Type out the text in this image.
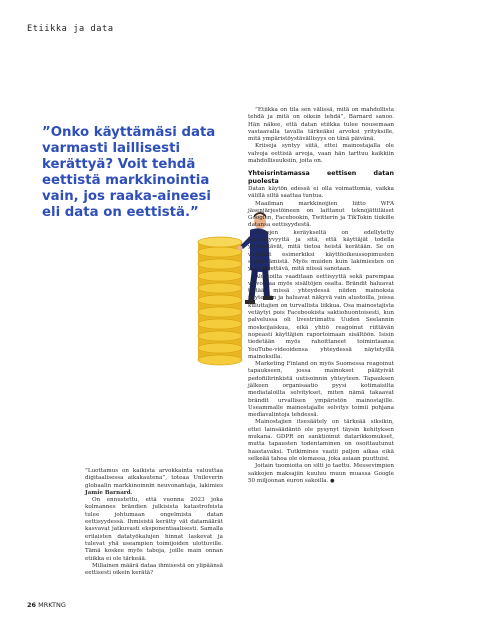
Etiikka ja data
”Onko käyttämäsi data varmasti laillisesti kerättyä? Voit tehdä eettistä markkinointia vain, jos raaka-aineesi eli data on eettistä.”

”Luottamus on kaikista arvokkainta valuuttaa digitaalisessa aikakautena”, toteaa Unileverin globaalin markkinoinnin neuvonantaja, lakimies Jamie Barnard.

On ennustettu, että vuonna 2023 joka kolmannes brändien julkisista katastrofeista tulee johtumaan ongelmista datan eettisyydessä. Ihmisistä kerätty vät datamäärät kasvavat jatkuvasti eksponentiaalisesti. Samalla erilaisten datatyökalujen hinnat laskevat ja tulevat yhä useampien toimijoiden ulottuville. Tämä koskee myös taboja, joille main onnan etiikka ei ole tärkeää.

Millainen määrä dataa ihmisestä on ylipäänsä eettisesti oikein kerätä?

”Etiikka on tila sen välissä, mitä on mahdollista tehdä ja mitä on oikein tehdä”, Barnard sanoo. Hän näkee, että datan etiikka tulee nousemaan vastaavalla tavalla tärkeäksi arvoksi yrityksille, mitä ympäristöystävällisyys on tänä päivänä.

Kriiseja syntyy siitä, ettei mainostajalla ole valvoja eettisiä arvoja, vaan hän tarttuu kaikkiin mahdollisuuksiin, joita on.

Yhteisrintamassa eettisen datan puolesta

Datan käytön edessä ei olla voimattomia, vaikka välillä siltä saattaa tuntua.

Maailman markkinoijien liitto WFA jäsenjärjestöineen on laittanut teknojättiläiset Googlen, Facebookin, Twitterin ja TikTokin tiukille datansa eettisyydestä.

Tietojen keräykseltä on edellytetty läpinäkyvyyttä ja sitä, että käyttäjät todella ymmärtävät, mitä tietoa heistä kerätään. Se on vaatinut esimerkiksi käyttöoikeussopimusten selkiyttämistä. Myös muiden kuin lakimiesten on ymmärrettävä, mitä niissä sanotaan.

Alustoilta vaaditaan eettisyyttä sekä parempaa valvontaa myös sisältöjen osalta. Brändit haluavat tietää missä yhteydessä niiden mainoksia näytetään ja haluavat näkyvä vain alustoilla, joissa kuluttajien on turvallista liikkua. Osa mainostajista vetäytyi pois Facebookista saktiohuontoisesti, kun palvelussa oli livestriimattu Uuden Seelannin moskeijaiskua, eikä yhtiö reagoinut riittävän nopeasti käyttäjien raportoimaan sisältöön. Isisin tiedetään myös rahoittaneet toimintaansa YouTube-videoidensa yhteydessä näytetyillä mainoksilla.

Marketing Finland on myös Suomessa reagoinut tapaukseen, jossa mainokset päätyivät pedofiilirinkistä uutisoinnin yhteyteen. Tapauksen jälkeen organisaatio pyysi kotimaisilta mediataloilta selvitykset, miten nämä takaavat brändit urvallisen ympäristön mainostajille. Useammalle mainostajalle selvitys toimii pohjana mediavalintoja tehdessä.

Mainostajien itsesäätely on tärkeää siksikin, ettei lainsäädäntö ole pysynyt täysin kehityksen mukana. GDPR on sanktioinut datarikkomukset, mutta tapausten todentaminen on osoittautunut haastavaksi. Tutkimines vaatii paljon aikaa eikä selkeää tahoa ole olemassa, joka asiaan puuttuisi.

Joitain tuomioita on silti jo taettu. Messevimpien sakkojen maksajiin kuuluu muun muassa Google 50 miljoonan euron sakoilla. ●

26 MRKTNG
